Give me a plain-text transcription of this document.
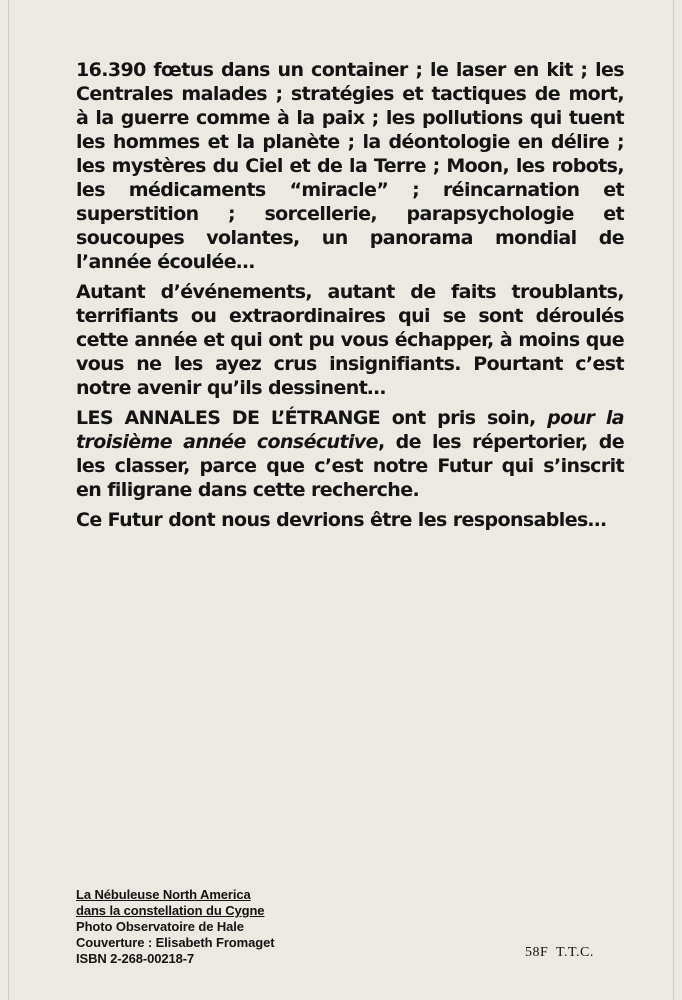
16.390 fœtus dans un container ; le laser en kit ; les Centrales malades ; stratégies et tactiques de mort, à la guerre comme à la paix ; les pollutions qui tuent les hommes et la planète ; la déontologie en délire ; les mystères du Ciel et de la Terre ; Moon, les robots, les médicaments “miracle” ; réincarnation et superstition ; sorcellerie, parapsychologie et soucoupes volantes, un panorama mondial de l’année écoulée…

Autant d’événements, autant de faits troublants, terrifiants ou extraordinaires qui se sont déroulés cette année et qui ont pu vous échapper, à moins que vous ne les ayez crus insignifiants. Pourtant c’est notre avenir qu’ils dessinent…

LES ANNALES DE L’ÉTRANGE ont pris soin, pour la troisième année consécutive, de les répertorier, de les classer, parce que c’est notre Futur qui s’inscrit en filigrane dans cette recherche.

Ce Futur dont nous devrions être les responsables…

La Nébuleuse North America
dans la constellation du Cygne
Photo Observatoire de Hale
Couverture : Elisabeth Fromaget
ISBN 2-268-00218-7	58F  T.T.C.
